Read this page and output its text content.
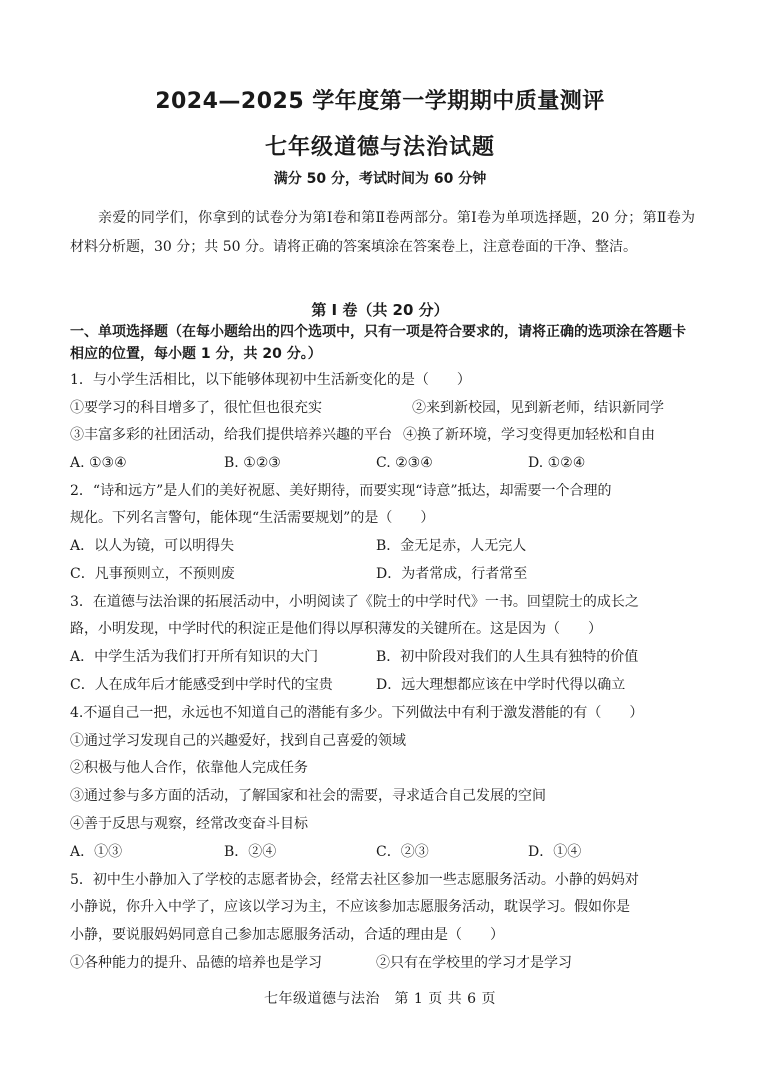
2024—2025 学年度第一学期期中质量测评
七年级道德与法治试题
满分 50 分，考试时间为 60 分钟
亲爱的同学们，你拿到的试卷分为第Ⅰ卷和第Ⅱ卷两部分。第Ⅰ卷为单项选择题，20 分；第Ⅱ卷为材料分析题，30 分；共 50 分。请将正确的答案填涂在答案卷上，注意卷面的干净、整洁。
第 I 卷（共 20 分）
一、单项选择题（在每小题给出的四个选项中，只有一项是符合要求的，请将正确的选项涂在答题卡相应的位置，每小题 1 分，共 20 分。）
1．与小学生活相比，以下能够体现初中生活新变化的是（　　）
①要学习的科目增多了，很忙但也很充实	②来到新校园，见到新老师，结识新同学
③丰富多彩的社团活动，给我们提供培养兴趣的平台 ④换了新环境，学习变得更加轻松和自由
A. ①③④	B. ①②③	C. ②③④	D. ①②④
2．“诗和远方”是人们的美好祝愿、美好期待，而要实现“诗意”抵达，却需要一个合理的
规化。下列名言警句，能体现“生活需要规划”的是（　　）
A．以人为镜，可以明得失	B．金无足赤，人无完人
C．凡事预则立，不预则废	D．为者常成，行者常至
3．在道德与法治课的拓展活动中，小明阅读了《院士的中学时代》一书。回望院士的成长之
路，小明发现，中学时代的积淀正是他们得以厚积薄发的关键所在。这是因为（　　）
A．中学生活为我们打开所有知识的大门	B．初中阶段对我们的人生具有独特的价值
C．人在成年后才能感受到中学时代的宝贵	D．远大理想都应该在中学时代得以确立
4.不逼自己一把，永远也不知道自己的潜能有多少。下列做法中有利于激发潜能的有（　　）
①通过学习发现自己的兴趣爱好，找到自己喜爱的领域
②积极与他人合作，依靠他人完成任务
③通过参与多方面的活动，了解国家和社会的需要，寻求适合自己发展的空间
④善于反思与观察，经常改变奋斗目标
A．①③	B．②④	C．②③	D．①④
5．初中生小静加入了学校的志愿者协会，经常去社区参加一些志愿服务活动。小静的妈妈对
小静说，你升入中学了，应该以学习为主，不应该参加志愿服务活动，耽误学习。假如你是
小静，要说服妈妈同意自己参加志愿服务活动，合适的理由是（　　）
①各种能力的提升、品德的培养也是学习	②只有在学校里的学习才是学习
七年级道德与法治　第 1 页 共 6 页
